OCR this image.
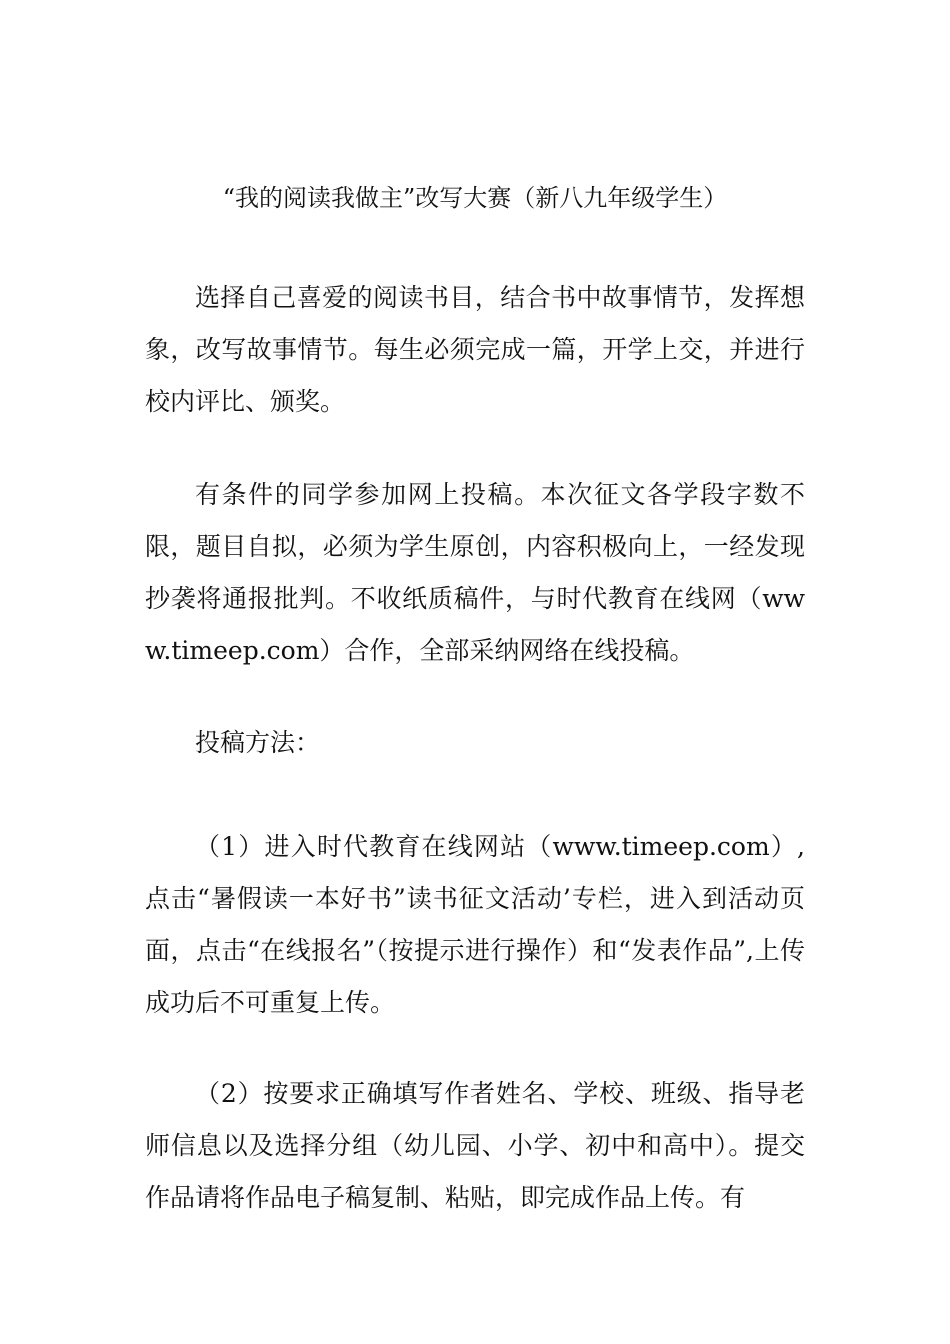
“我的阅读我做主”改写大赛（新八九年级学生）

选择自己喜爱的阅读书目，结合书中故事情节，发挥想象，改写故事情节。每生必须完成一篇，开学上交，并进行校内评比、颁奖。

有条件的同学参加网上投稿。本次征文各学段字数不限，题目自拟，必须为学生原创，内容积极向上，一经发现抄袭将通报批判。不收纸质稿件，与时代教育在线网（www.timeep.com）合作，全部采纳网络在线投稿。

投稿方法：

（1）进入时代教育在线网站（www.timeep.com）,点击“暑假读一本好书”读书征文活动’专栏，进入到活动页面，点击“在线报名”（按提示进行操作）和“发表作品”,上传成功后不可重复上传。

（2）按要求正确填写作者姓名、学校、班级、指导老师信息以及选择分组（幼儿园、小学、初中和高中）。提交作品请将作品电子稿复制、粘贴，即完成作品上传。有
